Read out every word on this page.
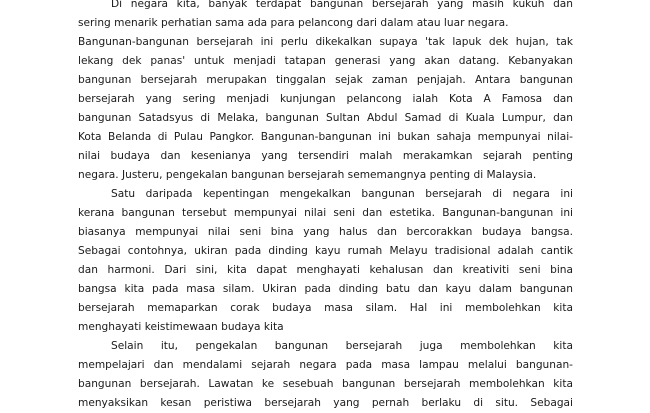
Di negara kita, banyak terdapat bangunan bersejarah yang masih kukuh dan
sering menarik perhatian sama ada para pelancong dari dalam atau luar negara.
Bangunan-bangunan bersejarah ini perlu dikekalkan supaya 'tak lapuk dek hujan, tak
lekang dek panas' untuk menjadi tatapan generasi yang akan datang. Kebanyakan
bangunan bersejarah merupakan tinggalan sejak zaman penjajah. Antara bangunan
bersejarah yang sering menjadi kunjungan pelancong ialah Kota A Famosa dan
bangunan Satadsyus di Melaka, bangunan Sultan Abdul Samad di Kuala Lumpur, dan
Kota Belanda di Pulau Pangkor. Bangunan-bangunan ini bukan sahaja mempunyai nilai-
nilai budaya dan kesenianya yang tersendiri malah merakamkan sejarah penting
negara. Justeru, pengekalan bangunan bersejarah sememangnya penting di Malaysia.
Satu daripada kepentingan mengekalkan bangunan bersejarah di negara ini
kerana bangunan tersebut mempunyai nilai seni dan estetika. Bangunan-bangunan ini
biasanya mempunyai nilai seni bina yang halus dan bercorakkan budaya bangsa.
Sebagai contohnya, ukiran pada dinding kayu rumah Melayu tradisional adalah cantik
dan harmoni. Dari sini, kita dapat menghayati kehalusan dan kreativiti seni bina
bangsa kita pada masa silam. Ukiran pada dinding batu dan kayu dalam bangunan
bersejarah memaparkan corak budaya masa silam. Hal ini membolehkan kita
menghayati keistimewaan budaya kita
Selain itu, pengekalan bangunan bersejarah juga membolehkan kita
mempelajari dan mendalami sejarah negara pada masa lampau melalui bangunan-
bangunan bersejarah. Lawatan ke sesebuah bangunan bersejarah membolehkan kita
menyaksikan kesan peristiwa bersejarah yang pernah berlaku di situ. Sebagai
